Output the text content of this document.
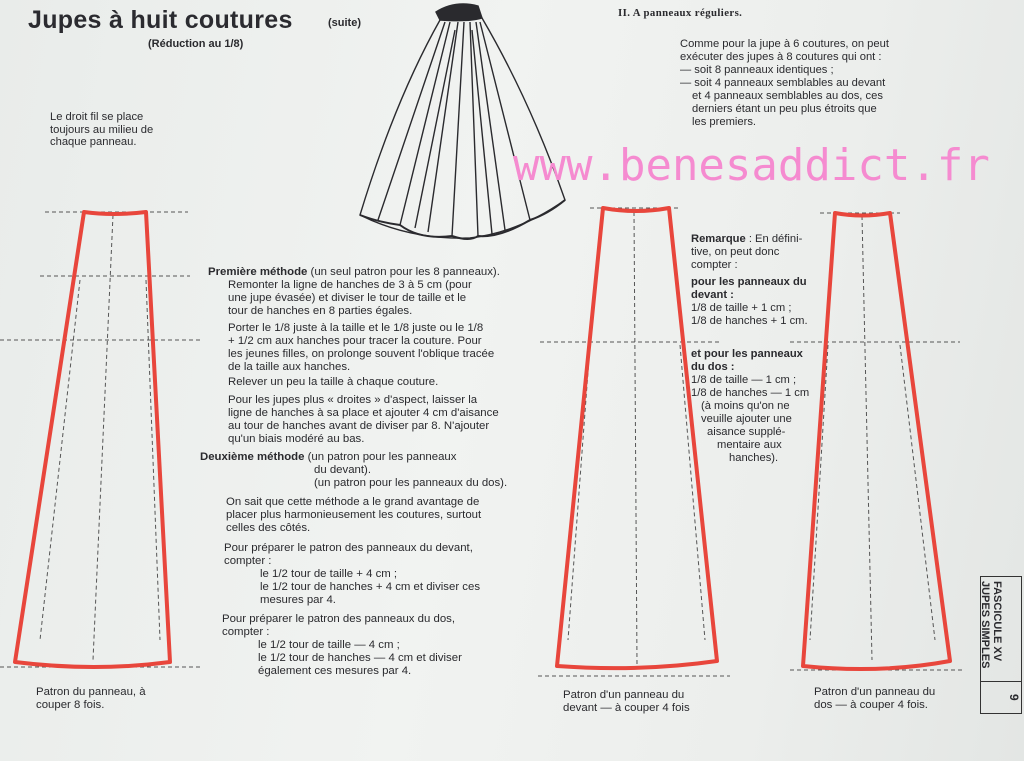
Jupes à huit coutures	(suite)
(Réduction au 1/8)
Le droit fil se place
toujours au milieu de
chaque panneau.
II. A panneaux réguliers.
Comme pour la jupe à 6 coutures, on peut
exécuter des jupes à 8 coutures qui ont :
— soit 8 panneaux identiques ;
— soit 4 panneaux semblables au devant
et 4 panneaux semblables au dos, ces
derniers étant un peu plus étroits que
les premiers.
www.benesaddict.fr
Première méthode (un seul patron pour les 8 panneaux).
Remonter la ligne de hanches de 3 à 5 cm (pour
une jupe évasée) et diviser le tour de taille et le
tour de hanches en 8 parties égales.
Porter le 1/8 juste à la taille et le 1/8 juste ou le 1/8
+ 1/2 cm aux hanches pour tracer la couture. Pour
les jeunes filles, on prolonge souvent l'oblique tracée
de la taille aux hanches.
Relever un peu la taille à chaque couture.
Pour les jupes plus « droites » d'aspect, laisser la
ligne de hanches à sa place et ajouter 4 cm d'aisance
au tour de hanches avant de diviser par 8. N'ajouter
qu'un biais modéré au bas.
Deuxième méthode (un patron pour les panneaux
du devant).
(un patron pour les panneaux du dos).
On sait que cette méthode a le grand avantage de
placer plus harmonieusement les coutures, surtout
celles des côtés.
Pour préparer le patron des panneaux du devant,
compter :
le 1/2 tour de taille + 4 cm ;
le 1/2 tour de hanches + 4 cm et diviser ces
mesures par 4.
Pour préparer le patron des panneaux du dos,
compter :
le 1/2 tour de taille — 4 cm ;
le 1/2 tour de hanches — 4 cm et diviser
également ces mesures par 4.
Remarque : En défini-
tive, on peut donc
compter :
pour les panneaux du
devant :
1/8 de taille + 1 cm ;
1/8 de hanches + 1 cm.
et pour les panneaux
du dos :
1/8 de taille — 1 cm ;
1/8 de hanches — 1 cm
(à moins qu'on ne
veuille ajouter une
aisance supplé-
mentaire aux
hanches).
Patron du panneau, à
couper 8 fois.
Patron d'un panneau du
devant — à couper 4 fois
Patron d'un panneau du
dos — à couper 4 fois.
FASCICULE XV
JUPES SIMPLES
9
